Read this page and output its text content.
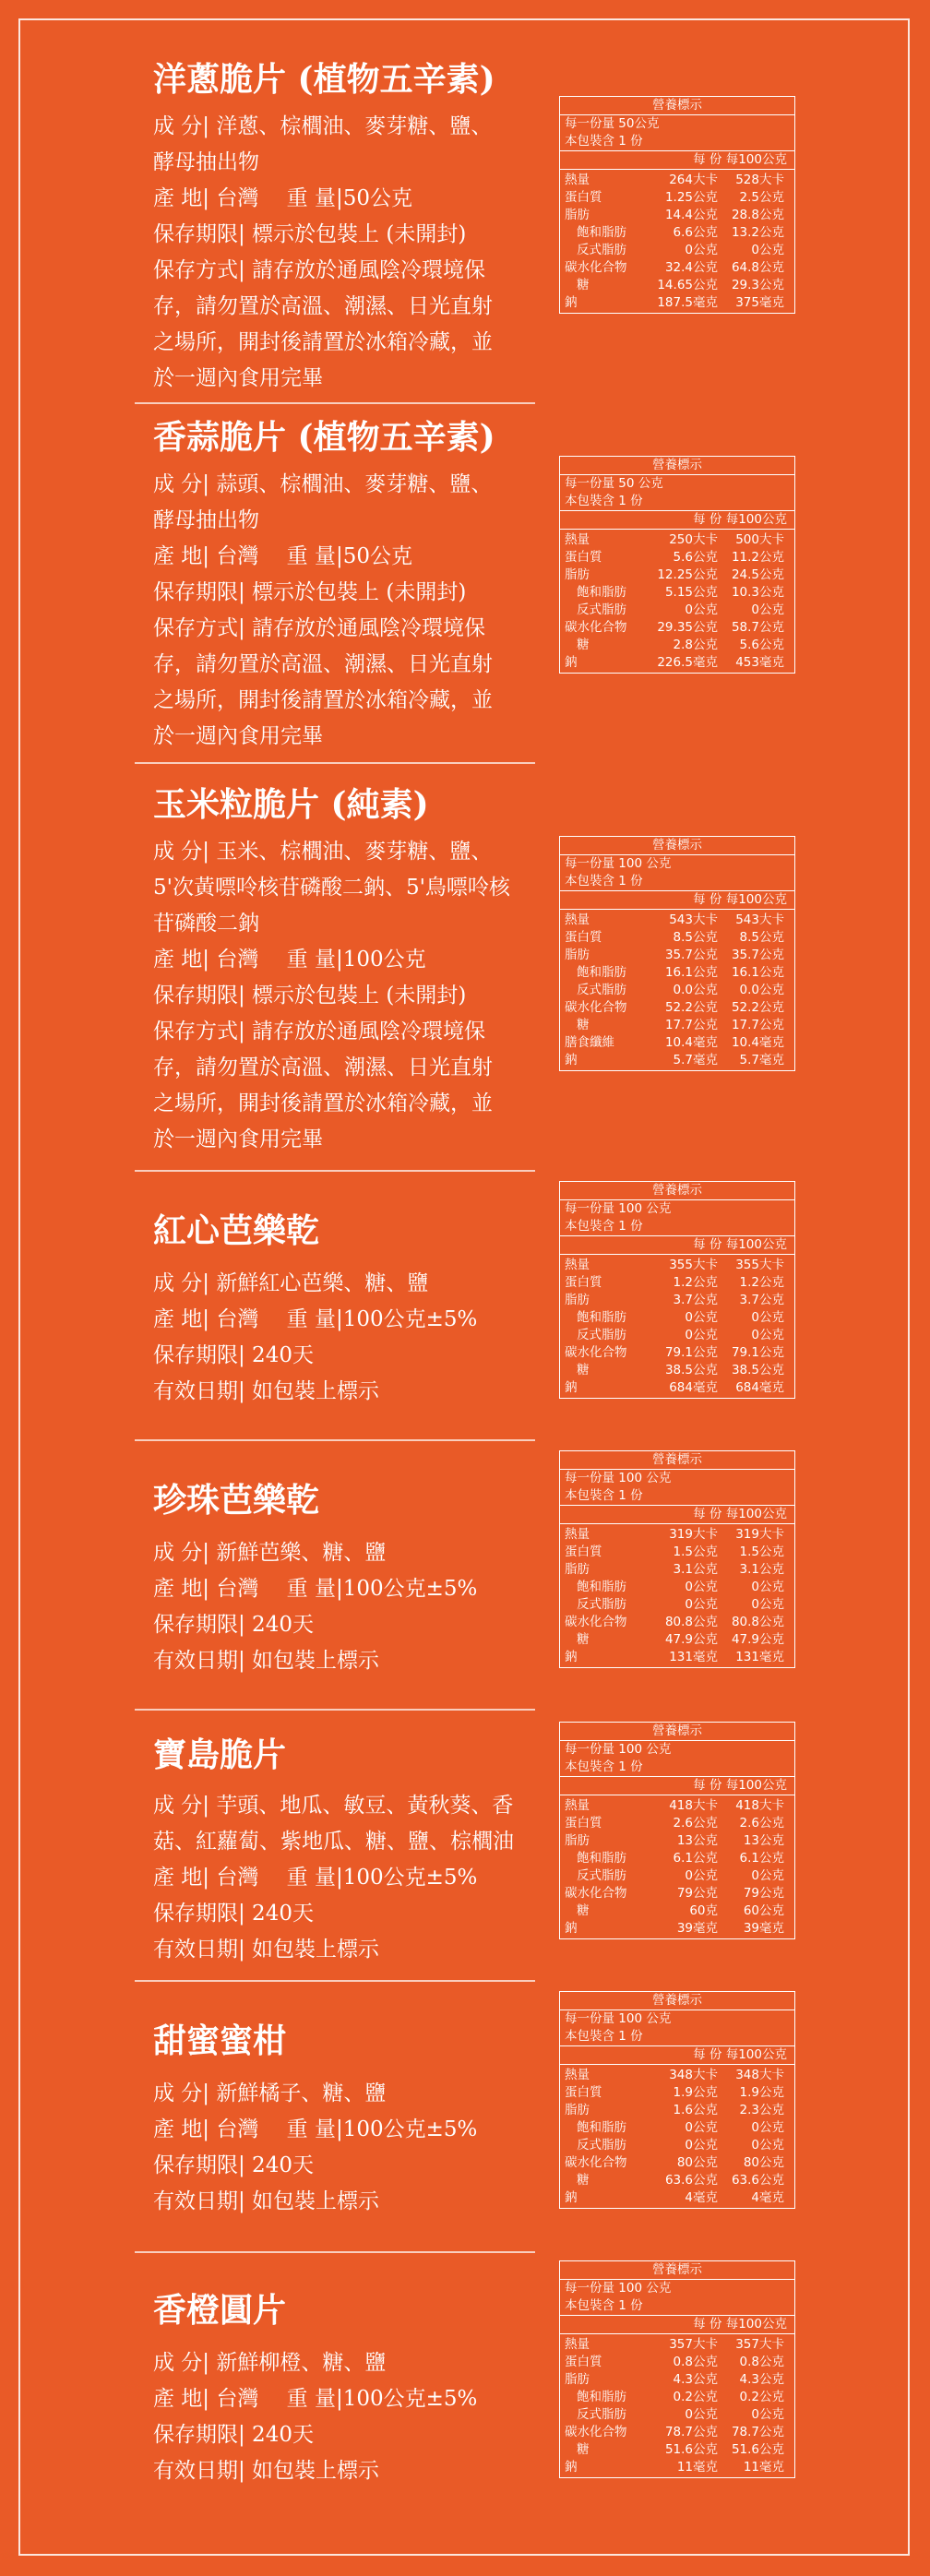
洋蔥脆片 (植物五辛素)

成 分| 洋蔥、棕櫚油、麥芽糖、鹽、

酵母抽出物

產 地| 台灣　 重 量|50公克

保存期限| 標示於包裝上 (未開封)

保存方式| 請存放於通風陰冷環境保

存，請勿置於高溫、潮濕、日光直射

之場所，開封後請置於冰箱冷藏，並

於一週內食用完畢

營養標示
每一份量 50公克
本包裝含 1 份
每 份 每100公克
熱量	264大卡	528大卡
蛋白質	1.25公克	2.5公克
脂肪	14.4公克	28.8公克
飽和脂肪	6.6公克	13.2公克
反式脂肪	0公克	0公克
碳水化合物	32.4公克	64.8公克
糖	14.65公克	29.3公克
鈉	187.5毫克	375毫克
香蒜脆片 (植物五辛素)

成 分| 蒜頭、棕櫚油、麥芽糖、鹽、

酵母抽出物

產 地| 台灣　 重 量|50公克

保存期限| 標示於包裝上 (未開封)

保存方式| 請存放於通風陰冷環境保

存，請勿置於高溫、潮濕、日光直射

之場所，開封後請置於冰箱冷藏，並

於一週內食用完畢

營養標示
每一份量 50 公克
本包裝含 1 份
每 份 每100公克
熱量	250大卡	500大卡
蛋白質	5.6公克	11.2公克
脂肪	12.25公克	24.5公克
飽和脂肪	5.15公克	10.3公克
反式脂肪	0公克	0公克
碳水化合物	29.35公克	58.7公克
糖	2.8公克	5.6公克
鈉	226.5毫克	453毫克
玉米粒脆片 (純素)

成 分| 玉米、棕櫚油、麥芽糖、鹽、

5'次黃嘌呤核苷磷酸二鈉、5'鳥嘌呤核

苷磷酸二鈉

產 地| 台灣　 重 量|100公克

保存期限| 標示於包裝上 (未開封)

保存方式| 請存放於通風陰冷環境保

存，請勿置於高溫、潮濕、日光直射

之場所，開封後請置於冰箱冷藏，並

於一週內食用完畢

營養標示
每一份量 100 公克
本包裝含 1 份
每 份 每100公克
熱量	543大卡	543大卡
蛋白質	8.5公克	8.5公克
脂肪	35.7公克	35.7公克
飽和脂肪	16.1公克	16.1公克
反式脂肪	0.0公克	0.0公克
碳水化合物	52.2公克	52.2公克
糖	17.7公克	17.7公克
膳食纖維	10.4毫克	10.4毫克
鈉	5.7毫克	5.7毫克
紅心芭樂乾

成 分| 新鮮紅心芭樂、糖、鹽

產 地| 台灣　 重 量|100公克±5%

保存期限| 240天

有效日期| 如包裝上標示

營養標示
每一份量 100 公克
本包裝含 1 份
每 份 每100公克
熱量	355大卡	355大卡
蛋白質	1.2公克	1.2公克
脂肪	3.7公克	3.7公克
飽和脂肪	0公克	0公克
反式脂肪	0公克	0公克
碳水化合物	79.1公克	79.1公克
糖	38.5公克	38.5公克
鈉	684毫克	684毫克
珍珠芭樂乾

成 分| 新鮮芭樂、糖、鹽

產 地| 台灣　 重 量|100公克±5%

保存期限| 240天

有效日期| 如包裝上標示

營養標示
每一份量 100 公克
本包裝含 1 份
每 份 每100公克
熱量	319大卡	319大卡
蛋白質	1.5公克	1.5公克
脂肪	3.1公克	3.1公克
飽和脂肪	0公克	0公克
反式脂肪	0公克	0公克
碳水化合物	80.8公克	80.8公克
糖	47.9公克	47.9公克
鈉	131毫克	131毫克
寶島脆片

成 分| 芋頭、地瓜、敏豆、黃秋葵、香

菇、紅蘿蔔、紫地瓜、糖、鹽、棕櫚油

產 地| 台灣　 重 量|100公克±5%

保存期限| 240天

有效日期| 如包裝上標示

營養標示
每一份量 100 公克
本包裝含 1 份
每 份 每100公克
熱量	418大卡	418大卡
蛋白質	2.6公克	2.6公克
脂肪	13公克	13公克
飽和脂肪	6.1公克	6.1公克
反式脂肪	0公克	0公克
碳水化合物	79公克	79公克
糖	60克	60公克
鈉	39毫克	39毫克
甜蜜蜜柑

成 分| 新鮮橘子、糖、鹽

產 地| 台灣　 重 量|100公克±5%

保存期限| 240天

有效日期| 如包裝上標示

營養標示
每一份量 100 公克
本包裝含 1 份
每 份 每100公克
熱量	348大卡	348大卡
蛋白質	1.9公克	1.9公克
脂肪	1.6公克	2.3公克
飽和脂肪	0公克	0公克
反式脂肪	0公克	0公克
碳水化合物	80公克	80公克
糖	63.6公克	63.6公克
鈉	4毫克	4毫克
香橙圓片

成 分| 新鮮柳橙、糖、鹽

產 地| 台灣　 重 量|100公克±5%

保存期限| 240天

有效日期| 如包裝上標示

營養標示
每一份量 100 公克
本包裝含 1 份
每 份 每100公克
熱量	357大卡	357大卡
蛋白質	0.8公克	0.8公克
脂肪	4.3公克	4.3公克
飽和脂肪	0.2公克	0.2公克
反式脂肪	0公克	0公克
碳水化合物	78.7公克	78.7公克
糖	51.6公克	51.6公克
鈉	11毫克	11毫克
